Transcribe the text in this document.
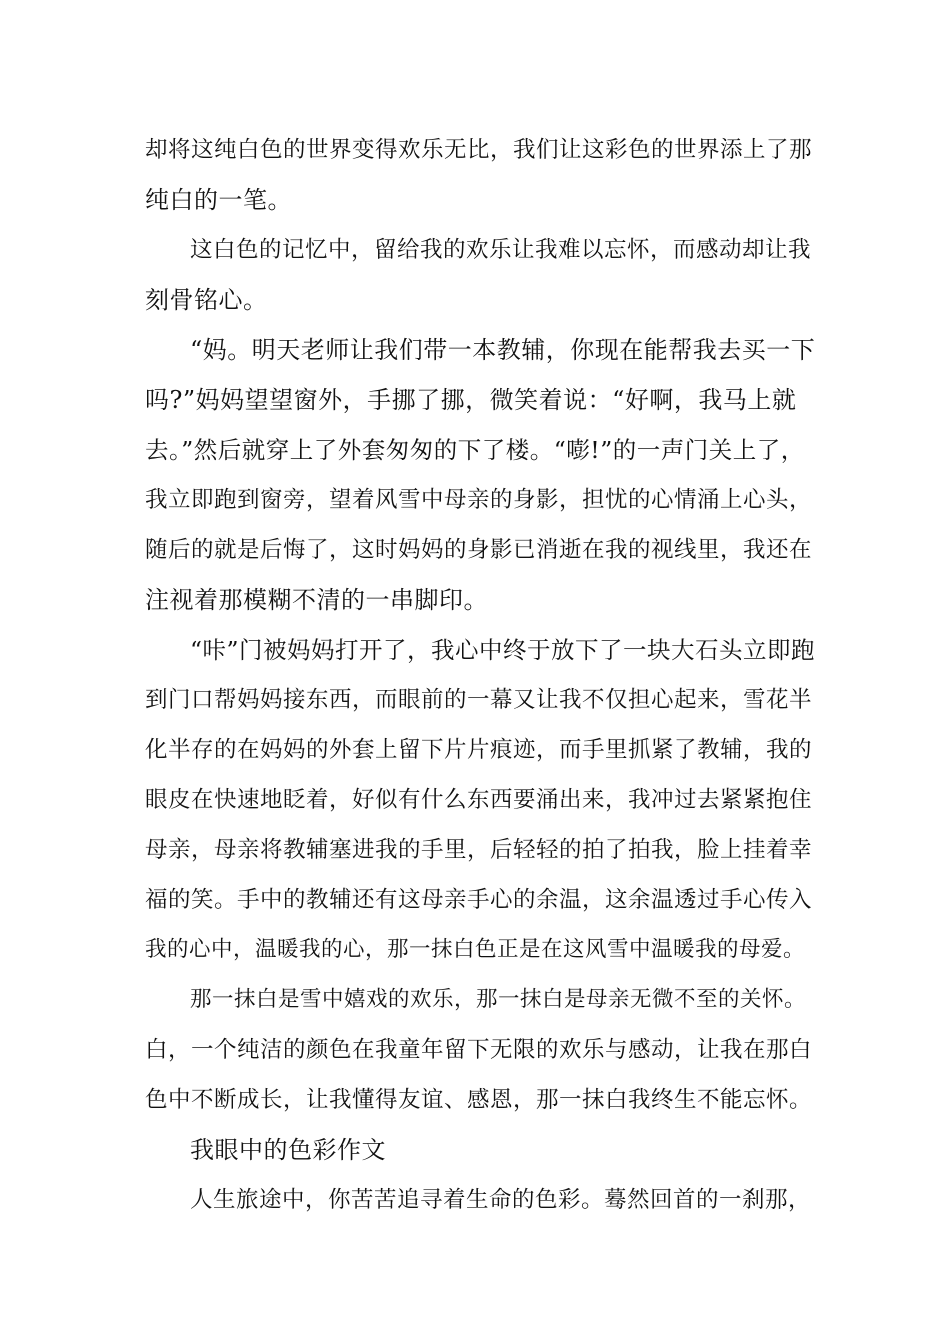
却将这纯白色的世界变得欢乐无比，我们让这彩色的世界添上了那
纯白的一笔。
这白色的记忆中，留给我的欢乐让我难以忘怀，而感动却让我
刻骨铭心。
“妈。明天老师让我们带一本教辅，你现在能帮我去买一下
吗?”妈妈望望窗外，手挪了挪，微笑着说：“好啊，我马上就
去。”然后就穿上了外套匆匆的下了楼。“嘭!”的一声门关上了，
我立即跑到窗旁，望着风雪中母亲的身影，担忧的心情涌上心头，
随后的就是后悔了，这时妈妈的身影已消逝在我的视线里，我还在
注视着那模糊不清的一串脚印。
“咔”门被妈妈打开了，我心中终于放下了一块大石头立即跑
到门口帮妈妈接东西，而眼前的一幕又让我不仅担心起来，雪花半
化半存的在妈妈的外套上留下片片痕迹，而手里抓紧了教辅，我的
眼皮在快速地眨着，好似有什么东西要涌出来，我冲过去紧紧抱住
母亲，母亲将教辅塞进我的手里，后轻轻的拍了拍我，脸上挂着幸
福的笑。手中的教辅还有这母亲手心的余温，这余温透过手心传入
我的心中，温暖我的心，那一抹白色正是在这风雪中温暖我的母爱。
那一抹白是雪中嬉戏的欢乐，那一抹白是母亲无微不至的关怀。
白，一个纯洁的颜色在我童年留下无限的欢乐与感动，让我在那白
色中不断成长，让我懂得友谊、感恩，那一抹白我终生不能忘怀。
我眼中的色彩作文
人生旅途中，你苦苦追寻着生命的色彩。蓦然回首的一刹那，
